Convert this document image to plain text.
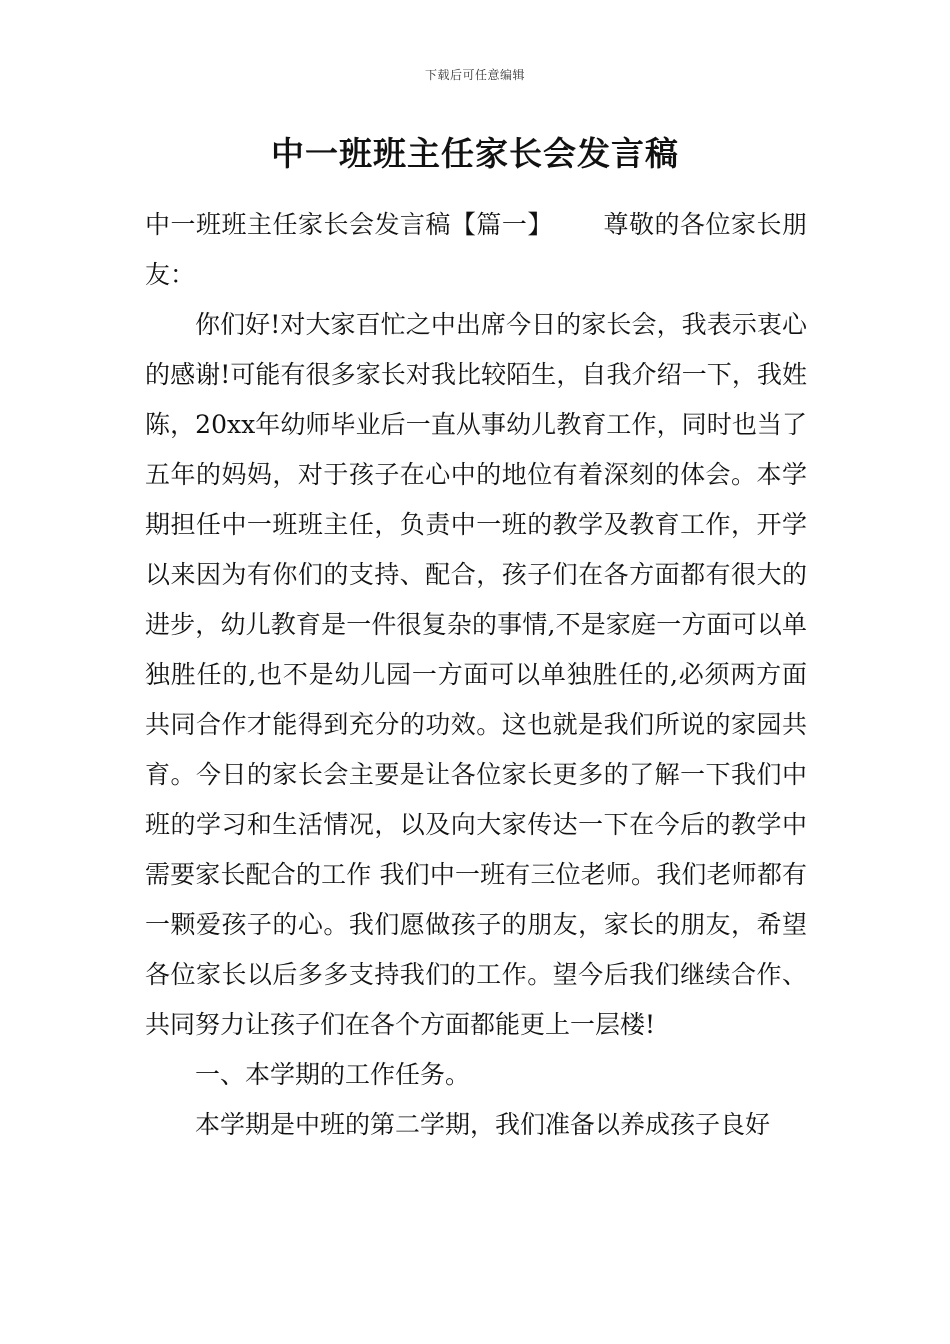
下载后可任意编辑
中一班班主任家长会发言稿

中一班班主任家长会发言稿【篇一】      尊敬的各位家长朋友：

你们好!对大家百忙之中出席今日的家长会，我表示衷心的感谢!可能有很多家长对我比较陌生，自我介绍一下，我姓陈，20xx年幼师毕业后一直从事幼儿教育工作，同时也当了五年的妈妈，对于孩子在心中的地位有着深刻的体会。本学期担任中一班班主任，负责中一班的教学及教育工作，开学以来因为有你们的支持、配合，孩子们在各方面都有很大的进步，幼儿教育是一件很复杂的事情,不是家庭一方面可以单独胜任的,也不是幼儿园一方面可以单独胜任的,必须两方面共同合作才能得到充分的功效。这也就是我们所说的家园共育。今日的家长会主要是让各位家长更多的了解一下我们中班的学习和生活情况，以及向大家传达一下在今后的教学中需要家长配合的工作 我们中一班有三位老师。我们老师都有一颗爱孩子的心。我们愿做孩子的朋友，家长的朋友，希望各位家长以后多多支持我们的工作。望今后我们继续合作、共同努力让孩子们在各个方面都能更上一层楼!

一、本学期的工作任务。

本学期是中班的第二学期，我们准备以养成孩子良好
